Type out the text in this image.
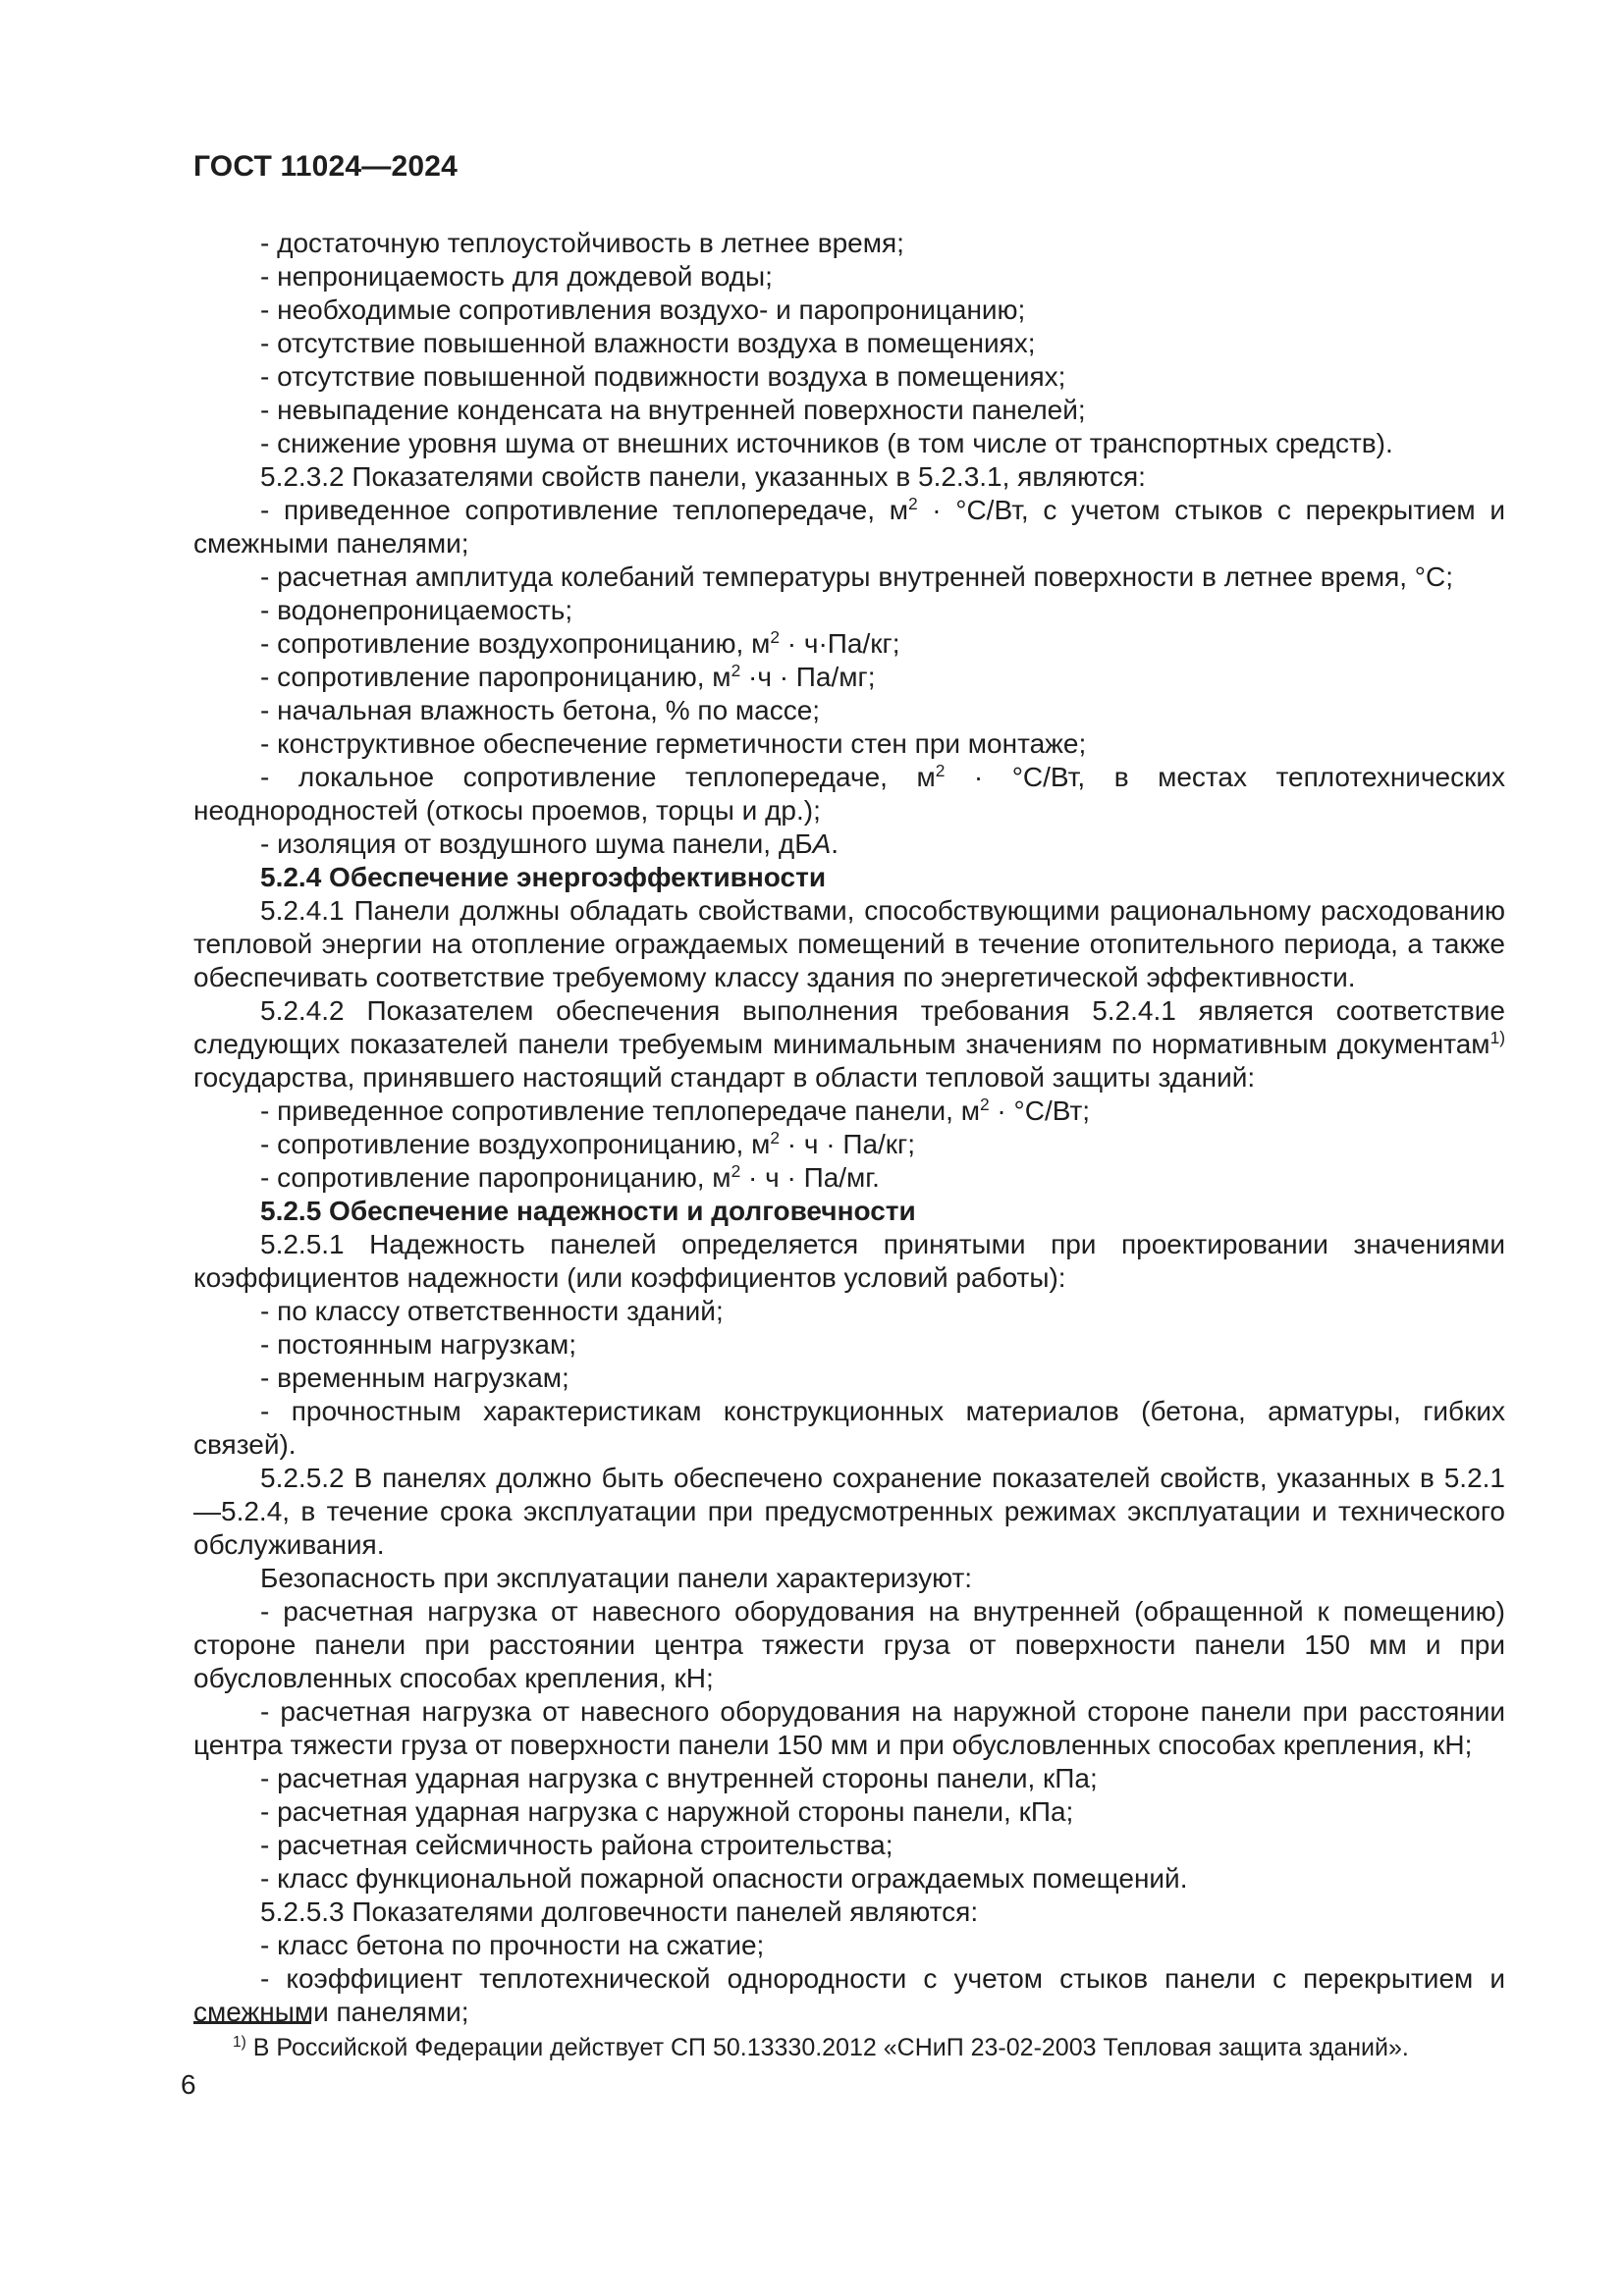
ГОСТ 11024—2024

- достаточную теплоустойчивость в летнее время;

- непроницаемость для дождевой воды;

- необходимые сопротивления воздухо- и паропроницанию;

- отсутствие повышенной влажности воздуха в помещениях;

- отсутствие повышенной подвижности воздуха в помещениях;

- невыпадение конденсата на внутренней поверхности панелей;

- снижение уровня шума от внешних источников (в том числе от транспортных средств).

5.2.3.2 Показателями свойств панели, указанных в 5.2.3.1, являются:

- приведенное сопротивление теплопередаче, $м^2 \cdot ^\circ С/Вт$, с учетом стыков с перекрытием и смежными панелями;

- расчетная амплитуда колебаний температуры внутренней поверхности в летнее время, °С;

- водонепроницаемость;

- сопротивление воздухопроницанию, $м^2 \cdot ч\cdot Па/кг$;

- сопротивление паропроницанию, $м^2 \cdot ч \cdot Па/мг$;

- начальная влажность бетона, % по массе;

- конструктивное обеспечение герметичности стен при монтаже;

- локальное сопротивление теплопередаче, $м^2 \cdot ^\circ С/Вт$, в местах теплотехнических неоднородностей (откосы проемов, торцы и др.);

- изоляция от воздушного шума панели, дБА.

5.2.4 Обеспечение энергоэффективности

5.2.4.1 Панели должны обладать свойствами, способствующими рациональному расходованию тепловой энергии на отопление ограждаемых помещений в течение отопительного периода, а также обеспечивать соответствие требуемому классу здания по энергетической эффективности.

5.2.4.2 Показателем обеспечения выполнения требования 5.2.4.1 является соответствие следующих показателей панели требуемым минимальным значениям по нормативным документам$^{1)}$ государства, принявшего настоящий стандарт в области тепловой защиты зданий:

- приведенное сопротивление теплопередаче панели, $м^2 \cdot ^\circ С/Вт$;

- сопротивление воздухопроницанию, $м^2 \cdot ч \cdot Па/кг$;

- сопротивление паропроницанию, $м^2 \cdot ч \cdot Па/мг$.

5.2.5 Обеспечение надежности и долговечности

5.2.5.1 Надежность панелей определяется принятыми при проектировании значениями коэффициентов надежности (или коэффициентов условий работы):

- по классу ответственности зданий;

- постоянным нагрузкам;

- временным нагрузкам;

- прочностным характеристикам конструкционных материалов (бетона, арматуры, гибких связей).

5.2.5.2 В панелях должно быть обеспечено сохранение показателей свойств, указанных в 5.2.1—5.2.4, в течение срока эксплуатации при предусмотренных режимах эксплуатации и технического обслуживания.

Безопасность при эксплуатации панели характеризуют:

- расчетная нагрузка от навесного оборудования на внутренней (обращенной к помещению) стороне панели при расстоянии центра тяжести груза от поверхности панели 150 мм и при обусловленных способах крепления, кН;

- расчетная нагрузка от навесного оборудования на наружной стороне панели при расстоянии центра тяжести груза от поверхности панели 150 мм и при обусловленных способах крепления, кН;

- расчетная ударная нагрузка с внутренней стороны панели, кПа;

- расчетная ударная нагрузка с наружной стороны панели, кПа;

- расчетная сейсмичность района строительства;

- класс функциональной пожарной опасности ограждаемых помещений.

5.2.5.3 Показателями долговечности панелей являются:

- класс бетона по прочности на сжатие;

- коэффициент теплотехнической однородности с учетом стыков панели с перекрытием и смежными панелями;

$^{1)}$ В Российской Федерации действует СП 50.13330.2012 «СНиП 23-02-2003 Тепловая защита зданий».

6
